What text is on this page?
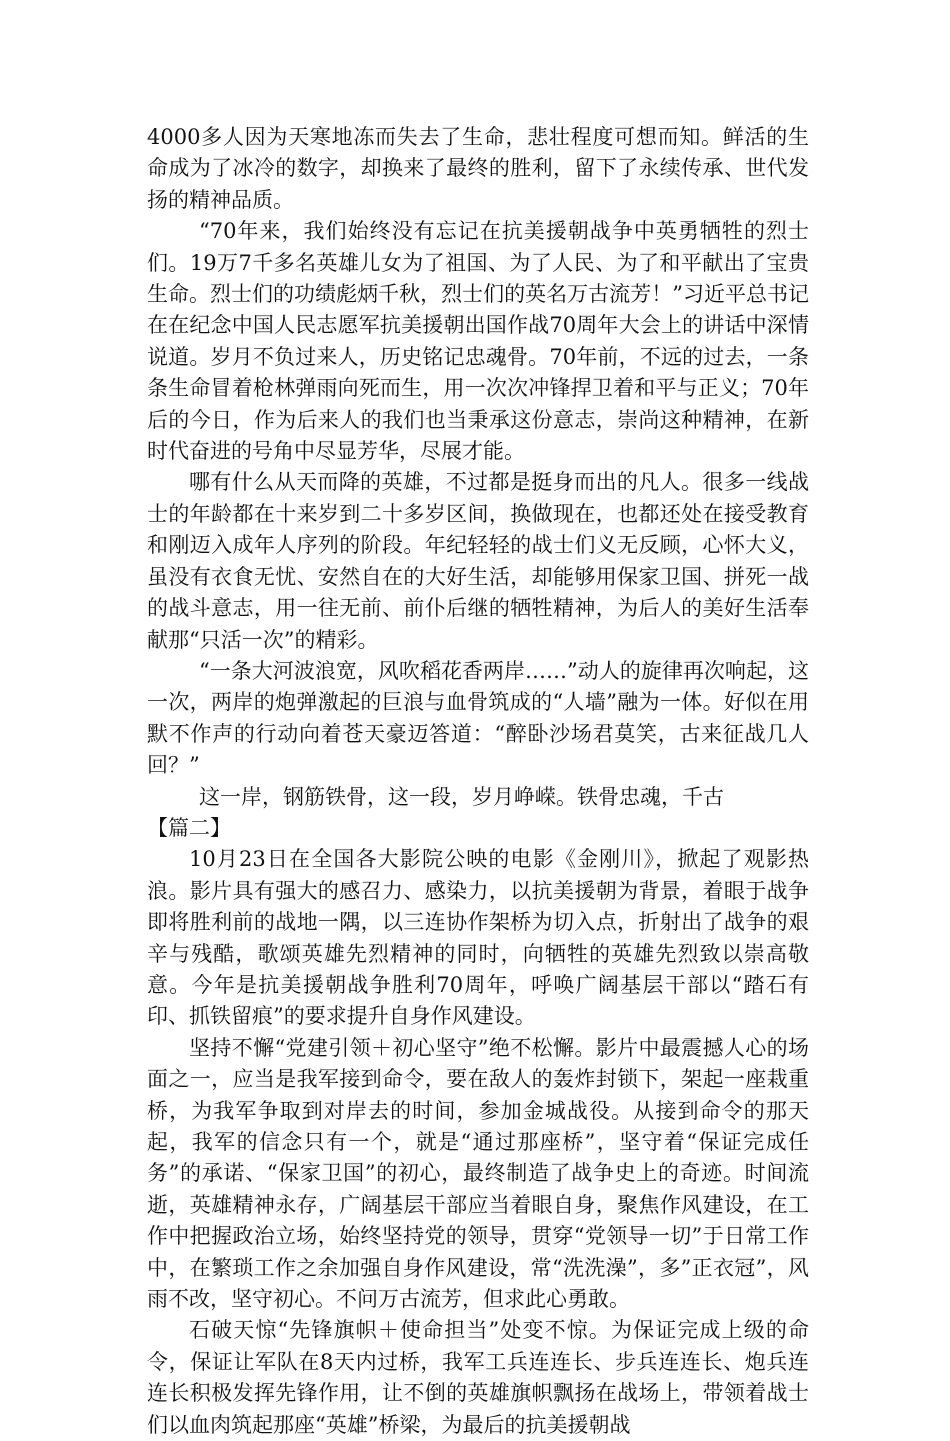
4000多人因为天寒地冻而失去了生命，悲壮程度可想而知。鲜活的生命成为了冰冷的数字，却换来了最终的胜利，留下了永续传承、世代发扬的精神品质。

“70年来，我们始终没有忘记在抗美援朝战争中英勇牺牲的烈士们。19万7千多名英雄儿女为了祖国、为了人民、为了和平献出了宝贵生命。烈士们的功绩彪炳千秋，烈士们的英名万古流芳！”习近平总书记在在纪念中国人民志愿军抗美援朝出国作战70周年大会上的讲话中深情说道。岁月不负过来人，历史铭记忠魂骨。70年前，不远的过去，一条条生命冒着枪林弹雨向死而生，用一次次冲锋捍卫着和平与正义；70年后的今日，作为后来人的我们也当秉承这份意志，崇尚这种精神，在新时代奋进的号角中尽显芳华，尽展才能。

哪有什么从天而降的英雄，不过都是挺身而出的凡人。很多一线战士的年龄都在十来岁到二十多岁区间，换做现在，也都还处在接受教育和刚迈入成年人序列的阶段。年纪轻轻的战士们义无反顾，心怀大义，虽没有衣食无忧、安然自在的大好生活，却能够用保家卫国、拼死一战的战斗意志，用一往无前、前仆后继的牺牲精神，为后人的美好生活奉献那“只活一次”的精彩。

“一条大河波浪宽，风吹稻花香两岸……”动人的旋律再次响起，这一次，两岸的炮弹激起的巨浪与血骨筑成的“人墙”融为一体。好似在用默不作声的行动向着苍天豪迈答道：“醉卧沙场君莫笑，古来征战几人回？”

这一岸，钢筋铁骨，这一段，岁月峥嵘。铁骨忠魂，千古

【篇二】

10月23日在全国各大影院公映的电影《金刚川》，掀起了观影热浪。影片具有强大的感召力、感染力，以抗美援朝为背景，着眼于战争即将胜利前的战地一隅，以三连协作架桥为切入点，折射出了战争的艰辛与残酷，歌颂英雄先烈精神的同时，向牺牲的英雄先烈致以崇高敬意。今年是抗美援朝战争胜利70周年，呼唤广阔基层干部以“踏石有印、抓铁留痕”的要求提升自身作风建设。

坚持不懈“党建引领＋初心坚守”绝不松懈。影片中最震撼人心的场面之一，应当是我军接到命令，要在敌人的轰炸封锁下，架起一座栽重桥，为我军争取到对岸去的时间，参加金城战役。从接到命令的那天起，我军的信念只有一个，就是“通过那座桥”，坚守着“保证完成任务”的承诺、“保家卫国”的初心，最终制造了战争史上的奇迹。时间流逝，英雄精神永存，广阔基层干部应当着眼自身，聚焦作风建设，在工作中把握政治立场，始终坚持党的领导，贯穿“党领导一切”于日常工作中，在繁琐工作之余加强自身作风建设，常“洗洗澡”，多”正衣冠”，风雨不改，坚守初心。不问万古流芳，但求此心勇敢。

石破天惊“先锋旗帜＋使命担当”处变不惊。为保证完成上级的命令，保证让军队在8天内过桥，我军工兵连连长、步兵连连长、炮兵连连长积极发挥先锋作用，让不倒的英雄旗帜飘扬在战场上，带领着战士们以血肉筑起那座“英雄”桥梁，为最后的抗美援朝战
